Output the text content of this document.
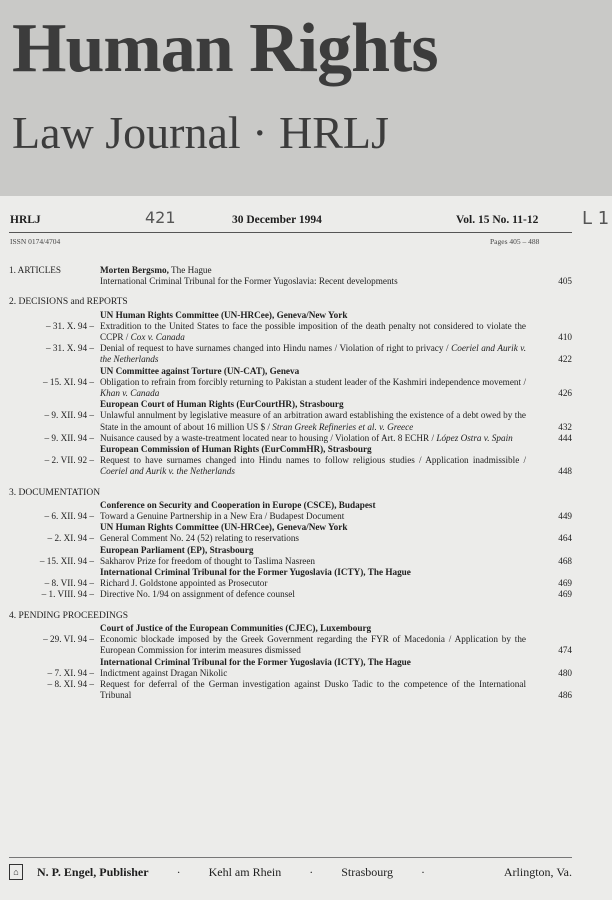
Human Rights
Law Journal · HRLJ
HRLJ	421	30 December 1994	Vol. 15 No. 11-12 L 1
ISSN 0174/4704	Pages 405 – 488
1. ARTICLES	Morten Bergsmo, The Hague
International Criminal Tribunal for the Former Yugoslavia: Recent developments	405
2. DECISIONS and REPORTS
UN Human Rights Committee (UN-HRCee), Geneva/New York
– 31. X. 94 – Extradition to the United States to face the possible imposition of the death penalty not considered to violate the CCPR / Cox v. Canada	410
– 31. X. 94 – Denial of request to have surnames changed into Hindu names / Violation of right to privacy / Coeriel and Aurik v. the Netherlands	422
UN Committee against Torture (UN-CAT), Geneva
– 15. XI. 94 – Obligation to refrain from forcibly returning to Pakistan a student leader of the Kashmiri independence movement / Khan v. Canada	426
European Court of Human Rights (EurCourtHR), Strasbourg
– 9. XII. 94 – Unlawful annulment by legislative measure of an arbitration award establishing the existence of a debt owed by the State in the amount of about 16 million US $ / Stran Greek Refineries et al. v. Greece	432
– 9. XII. 94 – Nuisance caused by a waste-treatment located near to housing / Violation of Art. 8 ECHR / López Ostra v. Spain	444
European Commission of Human Rights (EurCommHR), Strasbourg
– 2. VII. 92 – Request to have surnames changed into Hindu names to follow religious studies / Application inadmissible / Coeriel and Aurik v. the Netherlands	448
3. DOCUMENTATION
Conference on Security and Cooperation in Europe (CSCE), Budapest
– 6. XII. 94 – Toward a Genuine Partnership in a New Era / Budapest Document	449
UN Human Rights Committee (UN-HRCee), Geneva/New York
– 2. XI. 94 – General Comment No. 24 (52) relating to reservations	464
European Parliament (EP), Strasbourg
– 15. XII. 94 – Sakharov Prize for freedom of thought to Taslima Nasreen	468
International Criminal Tribunal for the Former Yugoslavia (ICTY), The Hague
– 8. VII. 94 – Richard J. Goldstone appointed as Prosecutor	469
– 1. VIII. 94 – Directive No. 1/94 on assignment of defence counsel	469
4. PENDING PROCEEDINGS
Court of Justice of the European Communities (CJEC), Luxembourg
– 29. VI. 94 – Economic blockade imposed by the Greek Government regarding the FYR of Macedonia / Application by the European Commission for interim measures dismissed	474
International Criminal Tribunal for the Former Yugoslavia (ICTY), The Hague
– 7. XI. 94 – Indictment against Dragan Nikolic	480
– 8. XI. 94 – Request for deferral of the German investigation against Dusko Tadic to the competence of the International Tribunal	486
⌂	N. P. Engel, Publisher · Kehl am Rhein · Strasbourg ·	Arlington, Va.
